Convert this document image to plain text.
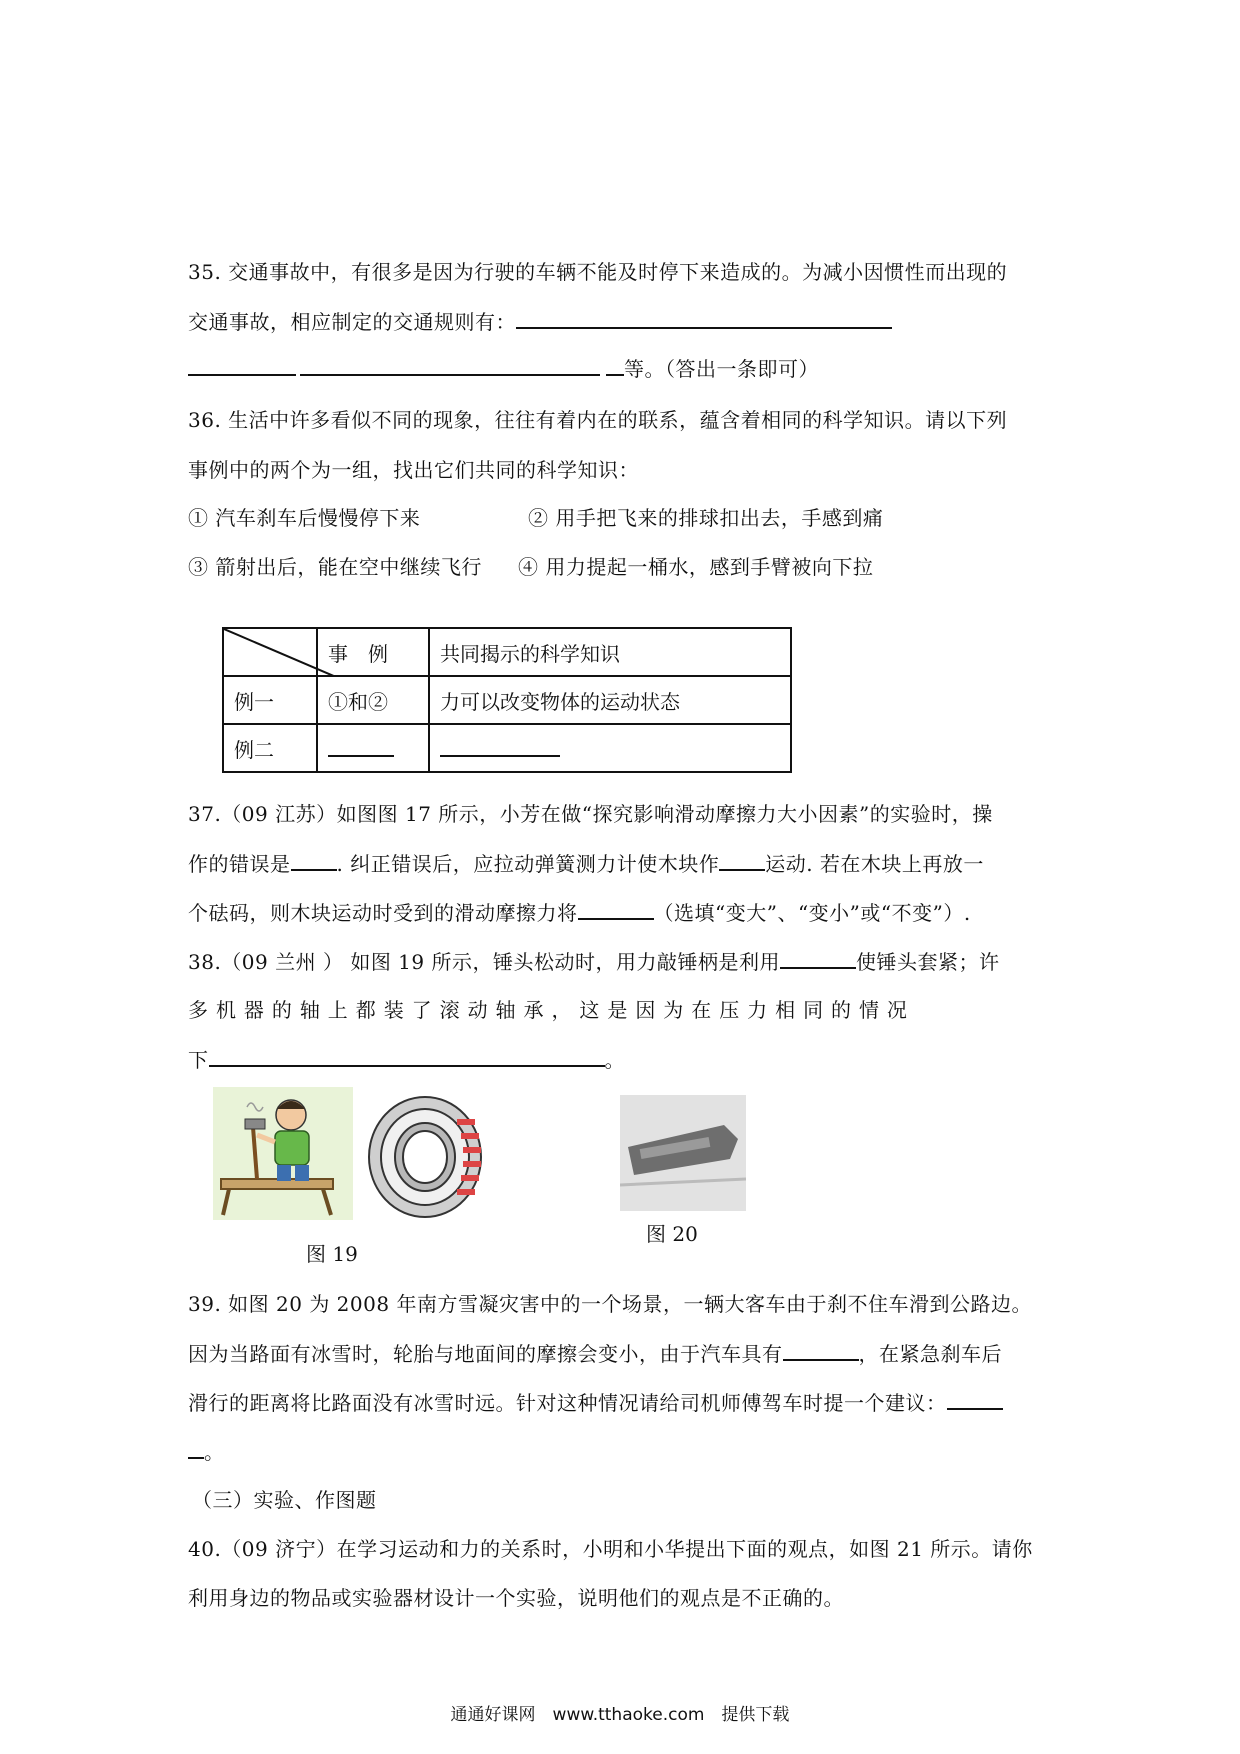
35. 交通事故中，有很多是因为行驶的车辆不能及时停下来造成的。为减小因惯性而出现的
交通事故，相应制定的交通规则有：
等。（答出一条即可）
36. 生活中许多看似不同的现象，往往有着内在的联系，蕴含着相同的科学知识。请以下列
事例中的两个为一组，找出它们共同的科学知识：
① 汽车刹车后慢慢停下来	② 用手把飞来的排球扣出去，手感到痛
③ 箭射出后，能在空中继续飞行 ④ 用力提起一桶水，感到手臂被向下拉
	事　例	共同揭示的科学知识
例一	①和②	力可以改变物体的运动状态
例二		
37.（09 江苏）如图图 17 所示，小芳在做“探究影响滑动摩擦力大小因素”的实验时，操
作的错误是 . 纠正错误后，应拉动弹簧测力计使木块作 运动. 若在木块上再放一
个砝码，则木块运动时受到的滑动摩擦力将	（选填“变大”、“变小”或“不变”）.
38.（09 兰州 ） 如图 19 所示，锤头松动时，用力敲锤柄是利用	使锤头套紧；许
多 机 器 的 轴 上 都 装 了 滚 动 轴 承 ， 这 是 因 为 在 压 力 相 同 的 情 况
下	。
图 19
图 20
39. 如图 20 为 2008 年南方雪凝灾害中的一个场景，一辆大客车由于刹不住车滑到公路边。
因为当路面有冰雪时，轮胎与地面间的摩擦会变小，由于汽车具有	，在紧急刹车后
滑行的距离将比路面没有冰雪时远。针对这种情况请给司机师傅驾车时提一个建议：
。
（三）实验、作图题
40.（09 济宁）在学习运动和力的关系时，小明和小华提出下面的观点，如图 21 所示。请你
利用身边的物品或实验器材设计一个实验，说明他们的观点是不正确的。
通通好课网　www.tthaoke.com　提供下载
